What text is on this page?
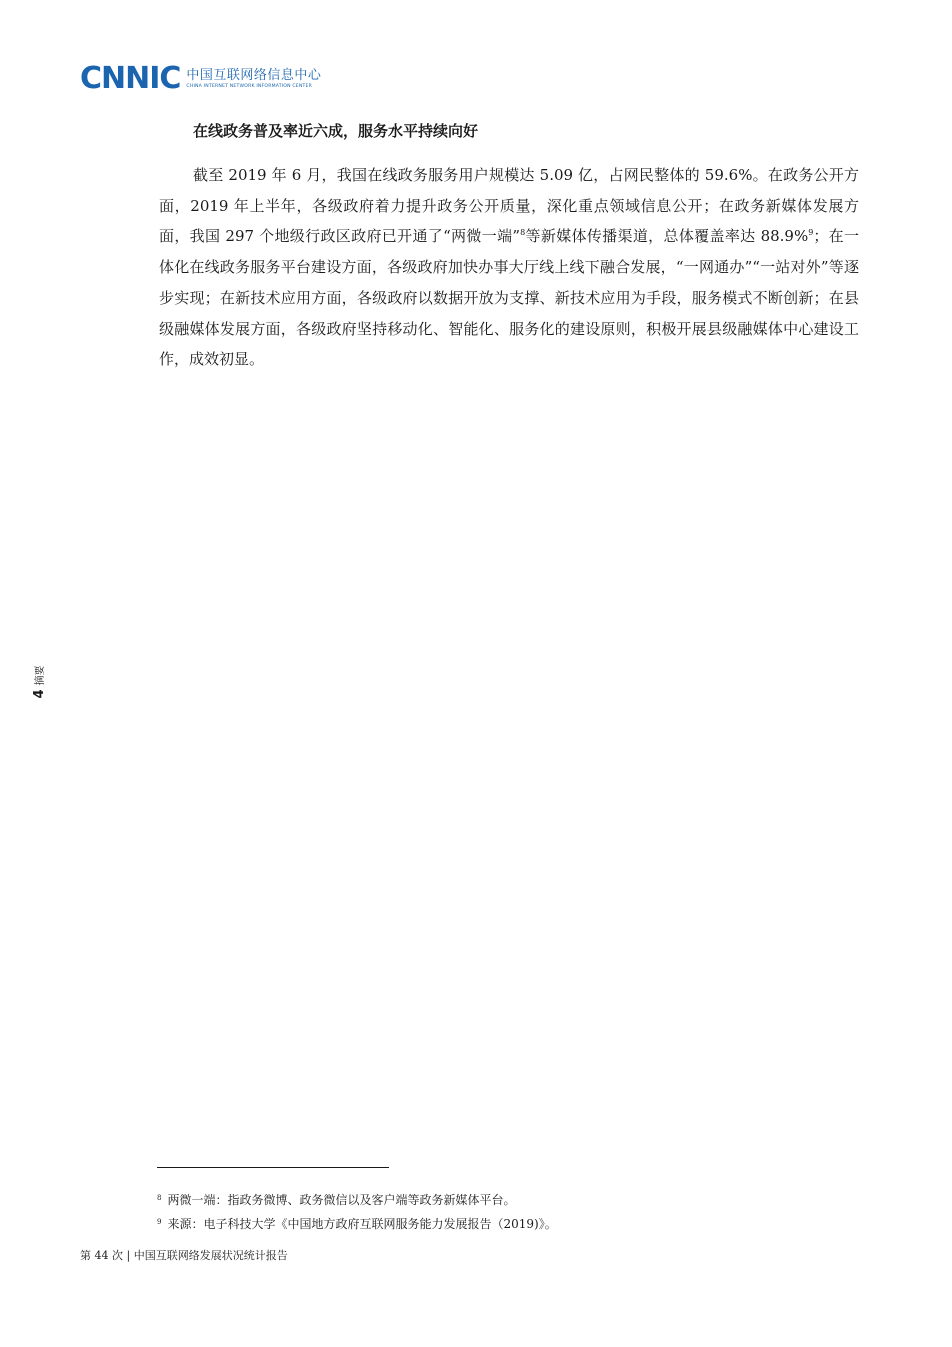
CNNIC 中国互联网络信息中心
CHINA INTERNET NETWORK INFORMATION CENTER
在线政务普及率近六成，服务水平持续向好

截至 2019 年 6 月，我国在线政务服务用户规模达 5.09 亿，占网民整体的 59.6%。在政务公开方面，2019 年上半年，各级政府着力提升政务公开质量，深化重点领域信息公开；在政务新媒体发展方面，我国 297 个地级行政区政府已开通了“两微一端”$^8$等新媒体传播渠道，总体覆盖率达 88.9%$^9$；在一体化在线政务服务平台建设方面，各级政府加快办事大厅线上线下融合发展，“一网通办”“一站对外”等逐步实现；在新技术应用方面，各级政府以数据开放为支撑、新技术应用为手段，服务模式不断创新；在县级融媒体发展方面，各级政府坚持移动化、智能化、服务化的建设原则，积极开展县级融媒体中心建设工作，成效初显。

4摘要

$^8$ 两微一端：指政务微博、政务微信以及客户端等政务新媒体平台。

$^9$ 来源：电子科技大学《中国地方政府互联网服务能力发展报告（2019)》。

第 44 次 | 中国互联网络发展状况统计报告
